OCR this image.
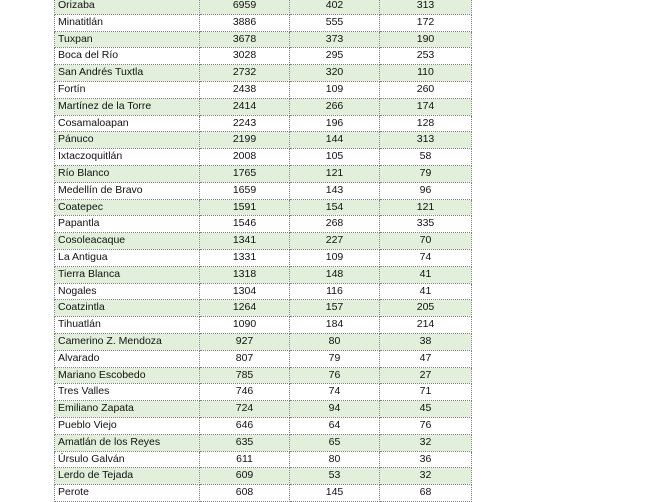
Orizaba	6959	402	313
Minatitlán	3886	555	172
Tuxpan	3678	373	190
Boca del Río	3028	295	253
San Andrés Tuxtla	2732	320	110
Fortín	2438	109	260
Martínez de la Torre	2414	266	174
Cosamaloapan	2243	196	128
Pánuco	2199	144	313
Ixtaczoquitlán	2008	105	58
Río Blanco	1765	121	79
Medellín de Bravo	1659	143	96
Coatepec	1591	154	121
Papantla	1546	268	335
Cosoleacaque	1341	227	70
La Antigua	1331	109	74
Tierra Blanca	1318	148	41
Nogales	1304	116	41
Coatzintla	1264	157	205
Tihuatlán	1090	184	214
Camerino Z. Mendoza	927	80	38
Alvarado	807	79	47
Mariano Escobedo	785	76	27
Tres Valles	746	74	71
Emiliano Zapata	724	94	45
Pueblo Viejo	646	64	76
Amatlán de los Reyes	635	65	32
Úrsulo Galván	611	80	36
Lerdo de Tejada	609	53	32
Perote	608	145	68
